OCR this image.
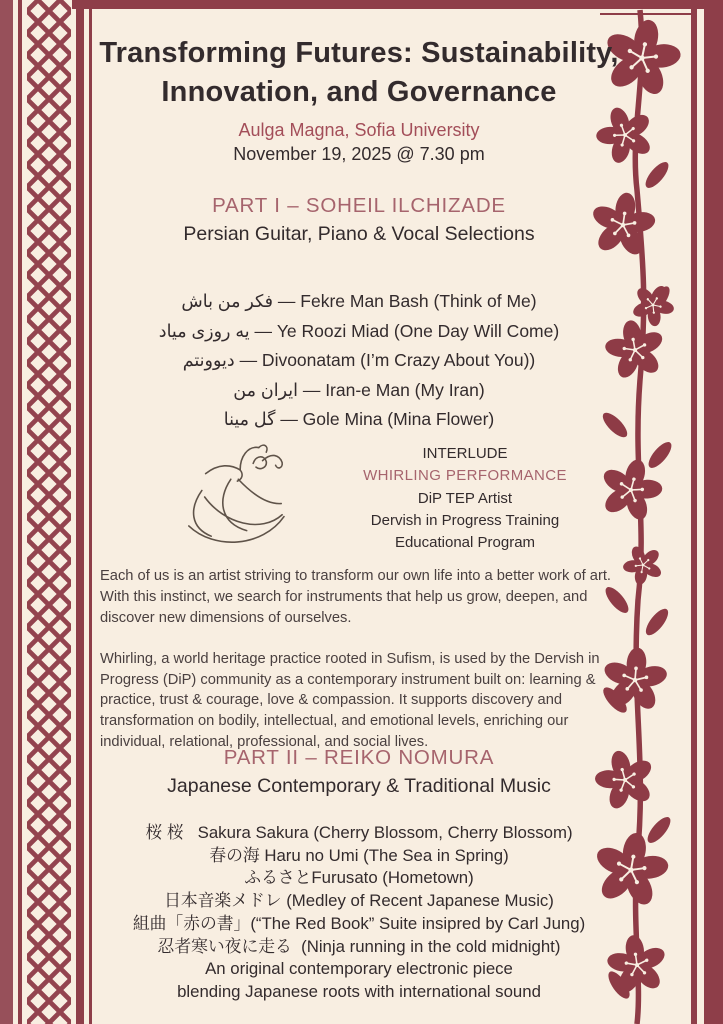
Transforming Futures: Sustainability,
Innovation, and Governance
Aulga Magna, Sofia University
November 19, 2025 @ 7.30 pm
PART I – SOHEIL ILCHIZADE
Persian Guitar, Piano & Vocal Selections
فکر من باش — Fekre Man Bash (Think of Me)
یه روزی میاد — Ye Roozi Miad (One Day Will Come)
دیوونتم — Divoonatam (I’m Crazy About You))
ایران من — Iran-e Man (My Iran)
گل مینا — Gole Mina (Mina Flower)
INTERLUDE
WHIRLING PERFORMANCE
DiP TEP Artist
Dervish in Progress Training
Educational Program
Each of us is an artist striving to transform our own life into a better work of art. With this instinct, we search for instruments that help us grow, deepen, and discover new dimensions of ourselves.
Whirling, a world heritage practice rooted in Sufism, is used by the Dervish in Progress (DiP) community as a contemporary instrument built on: learning & practice, trust & courage, love & compassion. It supports discovery and transformation on bodily, intellectual, and emotional levels, enriching our individual, relational, professional, and social lives.
PART II – REIKO NOMURA
Japanese Contemporary & Traditional Music
桜 桜   Sakura Sakura (Cherry Blossom, Cherry Blossom)
春の海 Haru no Umi (The Sea in Spring)
ふるさとFurusato (Hometown)
日本音楽メドレ (Medley of Recent Japanese Music)
組曲「赤の書」(“The Red Book” Suite insipred by Carl Jung)
忍者寒い夜に走る  (Ninja running in the cold midnight)
An original contemporary electronic piece
blending Japanese roots with international sound
